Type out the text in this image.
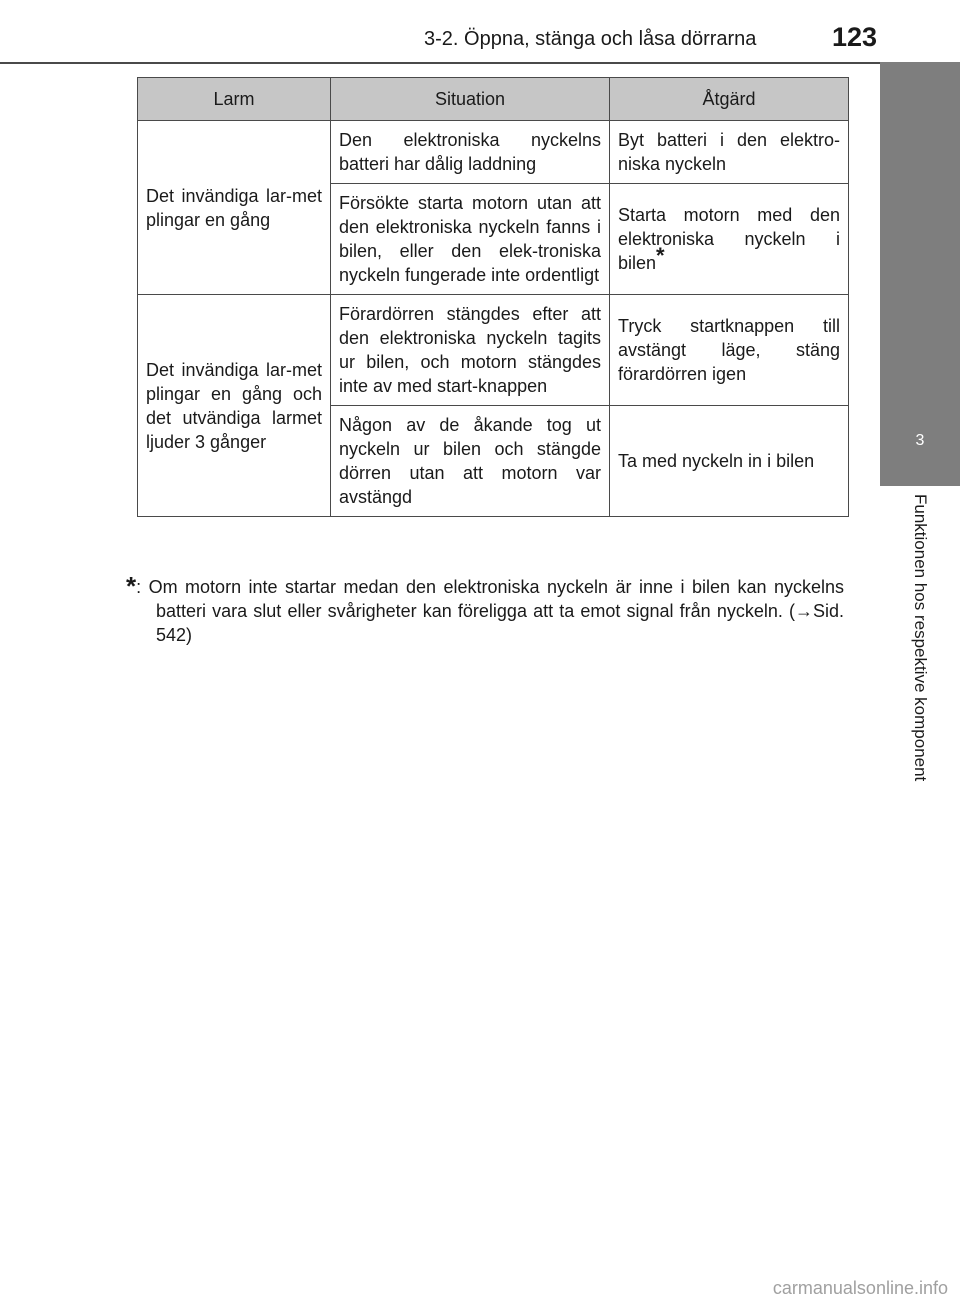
3-2. Öppna, stänga och låsa dörrarna	123
3
Funktionen hos respektive komponent
Larm	Situation	Åtgärd
Det invändiga lar-met plingar en gång	Den elektroniska nyckelns batteri har dålig laddning	Byt batteri i den elektro-niska nyckeln
	Försökte starta motorn utan att den elektroniska nyckeln fanns i bilen, eller den elek-troniska nyckeln fungerade inte ordentligt	Starta motorn med den elektroniska nyckeln i bilen*
Det invändiga lar-met plingar en gång och det utvändiga larmet ljuder 3 gånger	Förardörren stängdes efter att den elektroniska nyckeln tagits ur bilen, och motorn stängdes inte av med start-knappen	Tryck startknappen till avstängt läge, stäng förardörren igen
	Någon av de åkande tog ut nyckeln ur bilen och stängde dörren utan att motorn var avstängd	Ta med nyckeln in i bilen
*: Om motorn inte startar medan den elektroniska nyckeln är inne i bilen kan nyckelns batteri vara slut eller svårigheter kan föreligga att ta emot signal från nyckeln. (→Sid. 542)
carmanualsonline.info
